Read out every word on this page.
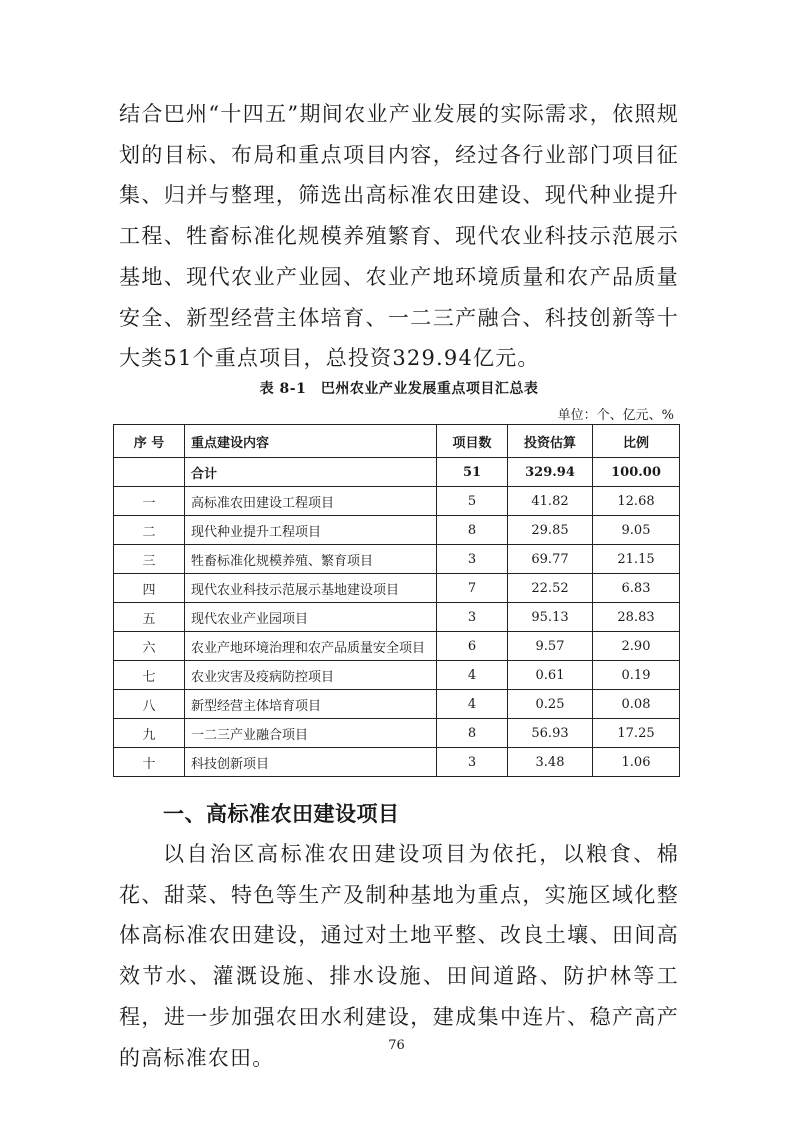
结合巴州“十四五”期间农业产业发展的实际需求，依照规划的目标、布局和重点项目内容，经过各行业部门项目征集、归并与整理，筛选出高标准农田建设、现代种业提升工程、牲畜标准化规模养殖繁育、现代农业科技示范展示基地、现代农业产业园、农业产地环境质量和农产品质量安全、新型经营主体培育、一二三产融合、科技创新等十大类51个重点项目，总投资329.94亿元。

表 8-1　巴州农业产业发展重点项目汇总表
单位：个、亿元、%
序 号	重点建设内容	项目数	投资估算	比例
	合计	51	329.94	100.00
一	高标准农田建设工程项目	5	41.82	12.68
二	现代种业提升工程项目	8	29.85	9.05
三	牲畜标准化规模养殖、繁育项目	3	69.77	21.15
四	现代农业科技示范展示基地建设项目	7	22.52	6.83
五	现代农业产业园项目	3	95.13	28.83
六	农业产地环境治理和农产品质量安全项目	6	9.57	2.90
七	农业灾害及疫病防控项目	4	0.61	0.19
八	新型经营主体培育项目	4	0.25	0.08
九	一二三产业融合项目	8	56.93	17.25
十	科技创新项目	3	3.48	1.06
一、高标准农田建设项目

以自治区高标准农田建设项目为依托，以粮食、棉花、甜菜、特色等生产及制种基地为重点，实施区域化整体高标准农田建设，通过对土地平整、改良土壤、田间高效节水、灌溉设施、排水设施、田间道路、防护林等工程，进一步加强农田水利建设，建成集中连片、稳产高产的高标准农田。

76
